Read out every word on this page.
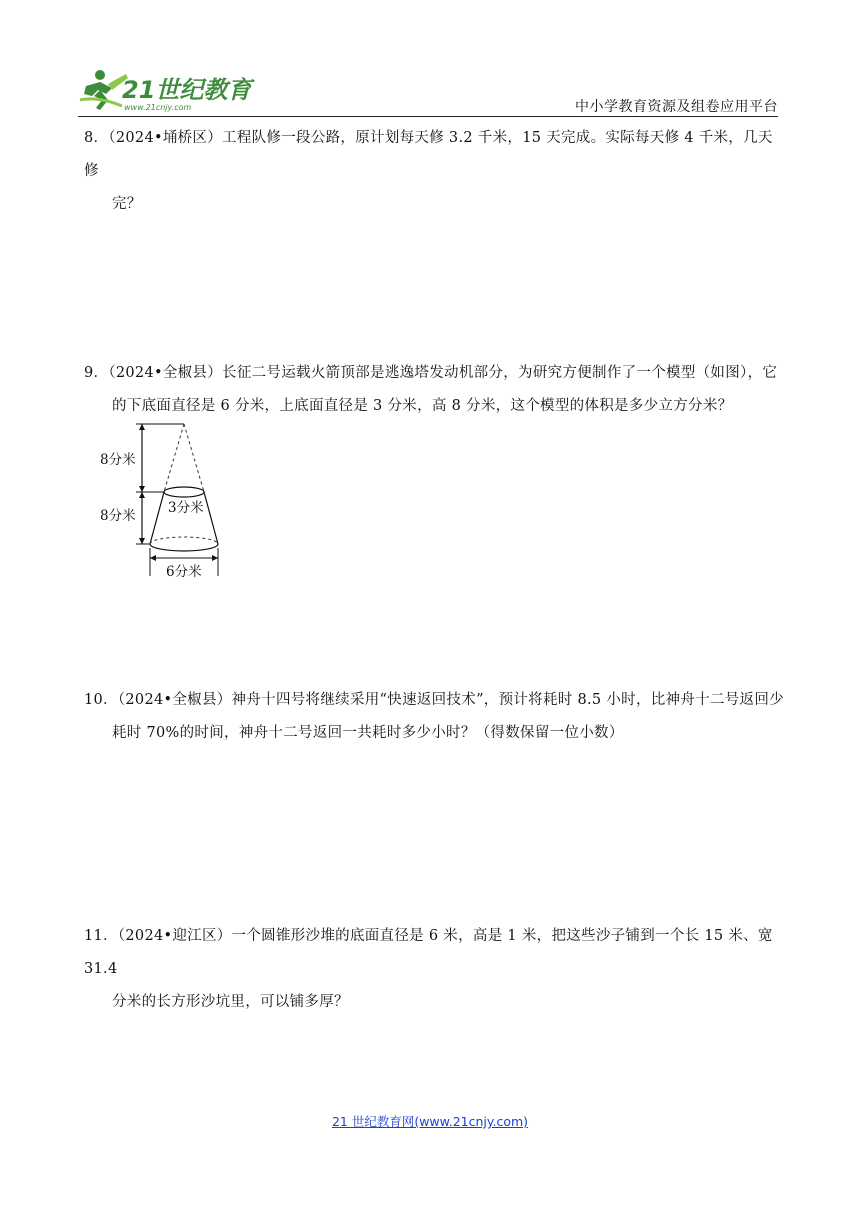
21世纪教育
www.21cnjy.com	中小学教育资源及组卷应用平台
8．（2024•埇桥区）工程队修一段公路，原计划每天修 3.2 千米，15 天完成。实际每天修 4 千米，几天修
完？
9．（2024•全椒县）长征二号运载火箭顶部是逃逸塔发动机部分，为研究方便制作了一个模型（如图），它
的下底面直径是 6 分米，上底面直径是 3 分米，高 8 分米，这个模型的体积是多少立方分米？
8分米
8分米 3分米
6分米
10．（2024•全椒县）神舟十四号将继续采用“快速返回技术”，预计将耗时 8.5 小时，比神舟十二号返回少
耗时 70%的时间，神舟十二号返回一共耗时多少小时？（得数保留一位小数）
11．（2024•迎江区）一个圆锥形沙堆的底面直径是 6 米，高是 1 米，把这些沙子铺到一个长 15 米、宽 31.4
分米的长方形沙坑里，可以铺多厚？
21 世纪教育网(www.21cnjy.com)
